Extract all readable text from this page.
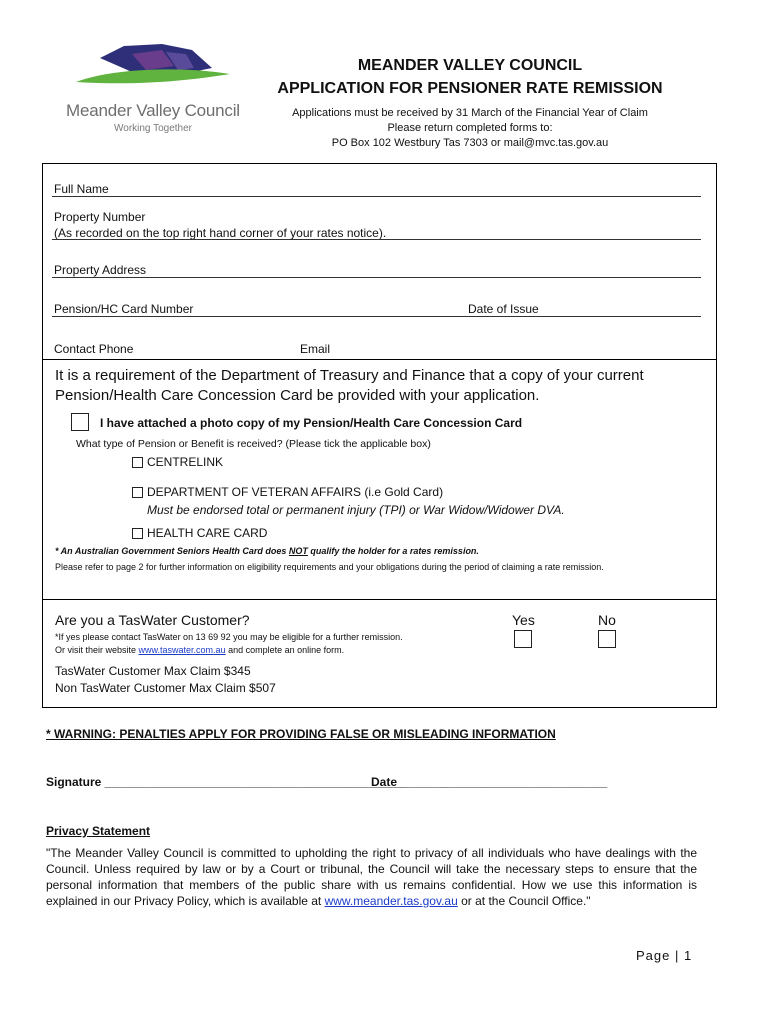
Meander Valley Council
Working Together
MEANDER VALLEY COUNCIL
APPLICATION FOR PENSIONER RATE REMISSION
Applications must be received by 31 March of the Financial Year of Claim
Please return completed forms to:
PO Box 102 Westbury Tas 7303 or mail@mvc.tas.gov.au
Full Name
Property Number
(As recorded on the top right hand corner of your rates notice).
Property Address
Pension/HC Card Number	Date of Issue
Contact Phone	Email
It is a requirement of the Department of Treasury and Finance that a copy of your current Pension/Health Care Concession Card be provided with your application.
I have attached a photo copy of my Pension/Health Care Concession Card
What type of Pension or Benefit is received? (Please tick the applicable box)
CENTRELINK
DEPARTMENT OF VETERAN AFFAIRS (i.e Gold Card)
Must be endorsed total or permanent injury (TPI) or War Widow/Widower DVA.
HEALTH CARE CARD
* An Australian Government Seniors Health Card does NOT qualify the holder for a rates remission.
Please refer to page 2 for further information on eligibility requirements and your obligations during the period of claiming a rate remission.
Are you a TasWater Customer?	Yes	No
*If yes please contact TasWater on 13 69 92 you may be eligible for a further remission.
Or visit their website www.taswater.com.au and complete an online form.
TasWater Customer Max Claim $345
Non TasWater Customer Max Claim $507
* WARNING: PENALTIES APPLY FOR PROVIDING FALSE OR MISLEADING INFORMATION
Signature _____________________________________________
Date _______________________________
Privacy Statement
"The Meander Valley Council is committed to upholding the right to privacy of all individuals who have dealings with the Council. Unless required by law or by a Court or tribunal, the Council will take the necessary steps to ensure that the personal information that members of the public share with us remains confidential. How we use this information is explained in our Privacy Policy, which is available at www.meander.tas.gov.au or at the Council Office."
Page | 1
